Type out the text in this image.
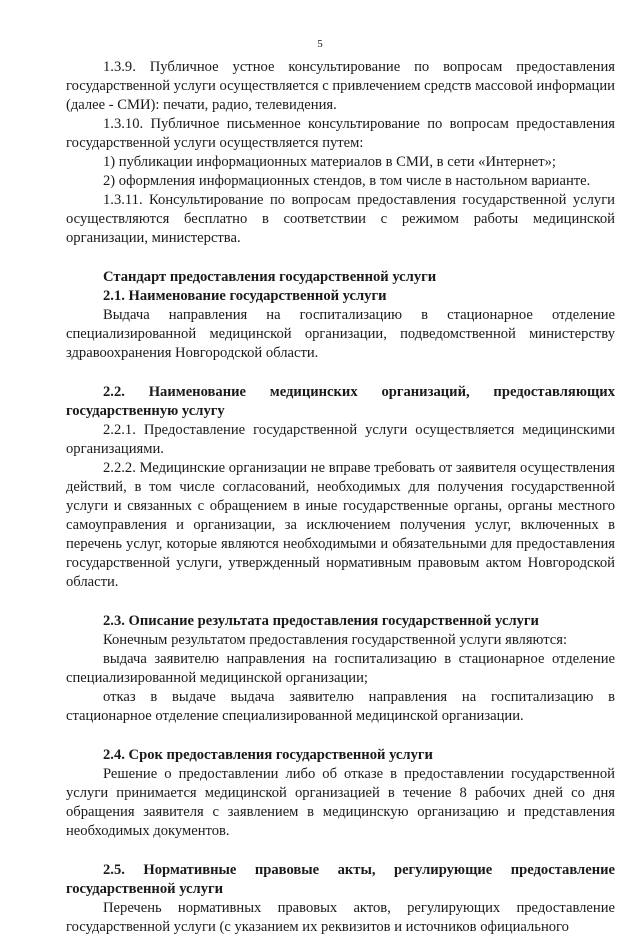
5

1.3.9. Публичное устное консультирование по вопросам предоставления государственной услуги осуществляется с привлечением средств массовой информации (далее - СМИ): печати, радио, телевидения.

1.3.10. Публичное письменное консультирование по вопросам предоставления государственной услуги осуществляется путем:

1) публикации информационных материалов в СМИ, в сети «Интернет»;

2) оформления информационных стендов, в том числе в настольном варианте.

1.3.11. Консультирование по вопросам предоставления государственной услуги осуществляются бесплатно в соответствии с режимом работы медицинской организации, министерства.

Стандарт предоставления государственной услуги

2.1. Наименование государственной услуги

Выдача направления на госпитализацию в стационарное отделение специализированной медицинской организации, подведомственной министерству здравоохранения Новгородской области.

2.2. Наименование медицинских организаций, предоставляющих государственную услугу

2.2.1. Предоставление государственной услуги осуществляется медицинскими организациями.

2.2.2. Медицинские организации не вправе требовать от заявителя осуществления действий, в том числе согласований, необходимых для получения государственной услуги и связанных с обращением в иные государственные органы, органы местного самоуправления и организации, за исключением получения услуг, включенных в перечень услуг, которые являются необходимыми и обязательными для предоставления государственной услуги, утвержденный нормативным правовым актом Новгородской области.

2.3. Описание результата предоставления государственной услуги

Конечным результатом предоставления государственной услуги являются:

выдача заявителю направления на госпитализацию в стационарное отделение специализированной медицинской организации;

отказ в выдаче выдача заявителю направления на госпитализацию в стационарное отделение специализированной медицинской организации.

2.4. Срок предоставления государственной услуги

Решение о предоставлении либо об отказе в предоставлении государственной услуги принимается медицинской организацией в течение 8 рабочих дней со дня обращения заявителя с заявлением в медицинскую организацию и представления необходимых документов.

2.5. Нормативные правовые акты, регулирующие предоставление государственной услуги

Перечень нормативных правовых актов, регулирующих предоставление государственной услуги (с указанием их реквизитов и источников официального
